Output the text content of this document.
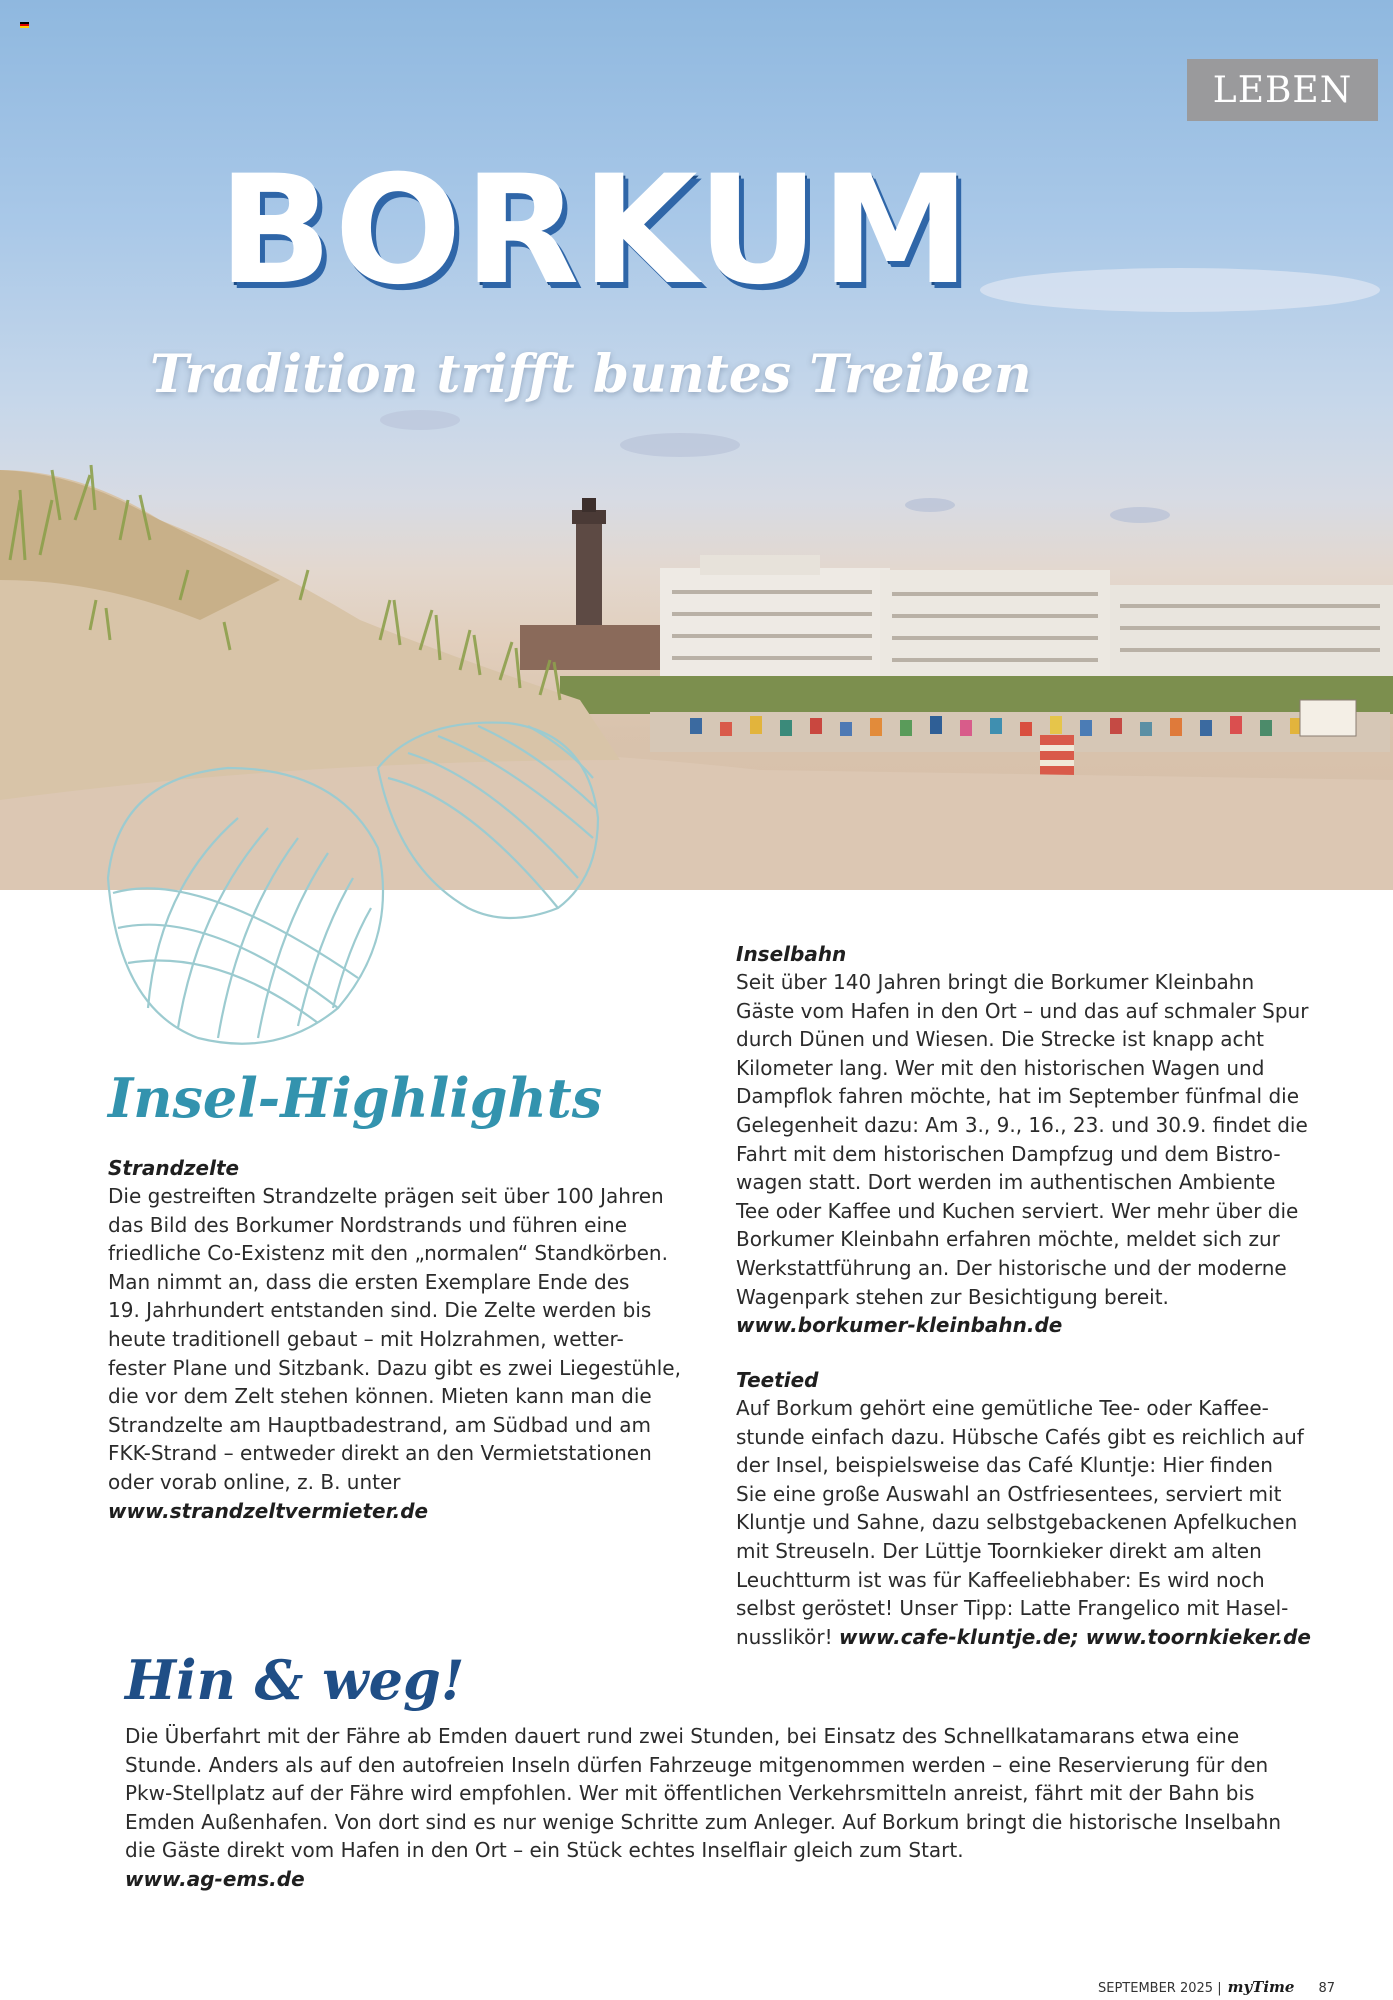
LEBEN
BORKUM
Tradition trifft buntes Treiben
Insel-Highlights

Strandzelte

Die gestreiften Strandzelte prägen seit über 100 Jahren

das Bild des Borkumer Nordstrands und führen eine

friedliche Co-Existenz mit den „normalen“ Standkörben.

Man nimmt an, dass die ersten Exemplare Ende des

19. Jahrhundert entstanden sind. Die Zelte werden bis

heute traditionell gebaut – mit Holzrahmen, wetter-

fester Plane und Sitzbank. Dazu gibt es zwei Liegestühle,

die vor dem Zelt stehen können. Mieten kann man die

Strandzelte am Hauptbadestrand, am Südbad und am

FKK-Strand – entweder direkt an den Vermietstationen

oder vorab online, z. B. unter www.strandzeltvermieter.de

Inselbahn

Seit über 140 Jahren bringt die Borkumer Kleinbahn

Gäste vom Hafen in den Ort – und das auf schmaler Spur

durch Dünen und Wiesen. Die Strecke ist knapp acht

Kilometer lang. Wer mit den historischen Wagen und

Dampflok fahren möchte, hat im September fünfmal die

Gelegenheit dazu: Am 3., 9., 16., 23. und 30.9. findet die

Fahrt mit dem historischen Dampfzug und dem Bistro-

wagen statt. Dort werden im authentischen Ambiente

Tee oder Kaffee und Kuchen serviert. Wer mehr über die

Borkumer Kleinbahn erfahren möchte, meldet sich zur

Werkstattführung an. Der historische und der moderne

Wagenpark stehen zur Besichtigung bereit.

www.borkumer-kleinbahn.de

Teetied

Auf Borkum gehört eine gemütliche Tee- oder Kaffee-

stunde einfach dazu. Hübsche Cafés gibt es reichlich auf

der Insel, beispielsweise das Café Kluntje: Hier finden

Sie eine große Auswahl an Ostfriesentees, serviert mit

Kluntje und Sahne, dazu selbstgebackenen Apfelkuchen

mit Streuseln. Der Lüttje Toornkieker direkt am alten

Leuchtturm ist was für Kaffeeliebhaber: Es wird noch

selbst geröstet! Unser Tipp: Latte Frangelico mit Hasel-

nusslikör! www.cafe-kluntje.de; www.toornkieker.de

Hin & weg!

Die Überfahrt mit der Fähre ab Emden dauert rund zwei Stunden, bei Einsatz des Schnellkatamarans etwa eine

Stunde. Anders als auf den autofreien Inseln dürfen Fahrzeuge mitgenommen werden – eine Reservierung für den

Pkw-Stellplatz auf der Fähre wird empfohlen. Wer mit öffentlichen Verkehrsmitteln anreist, fährt mit der Bahn bis

Emden Außenhafen. Von dort sind es nur wenige Schritte zum Anleger. Auf Borkum bringt die historische Inselbahn

die Gäste direkt vom Hafen in den Ort – ein Stück echtes Inselflair gleich zum Start.

www.ag-ems.de

SEPTEMBER 2025 | myTime 87
